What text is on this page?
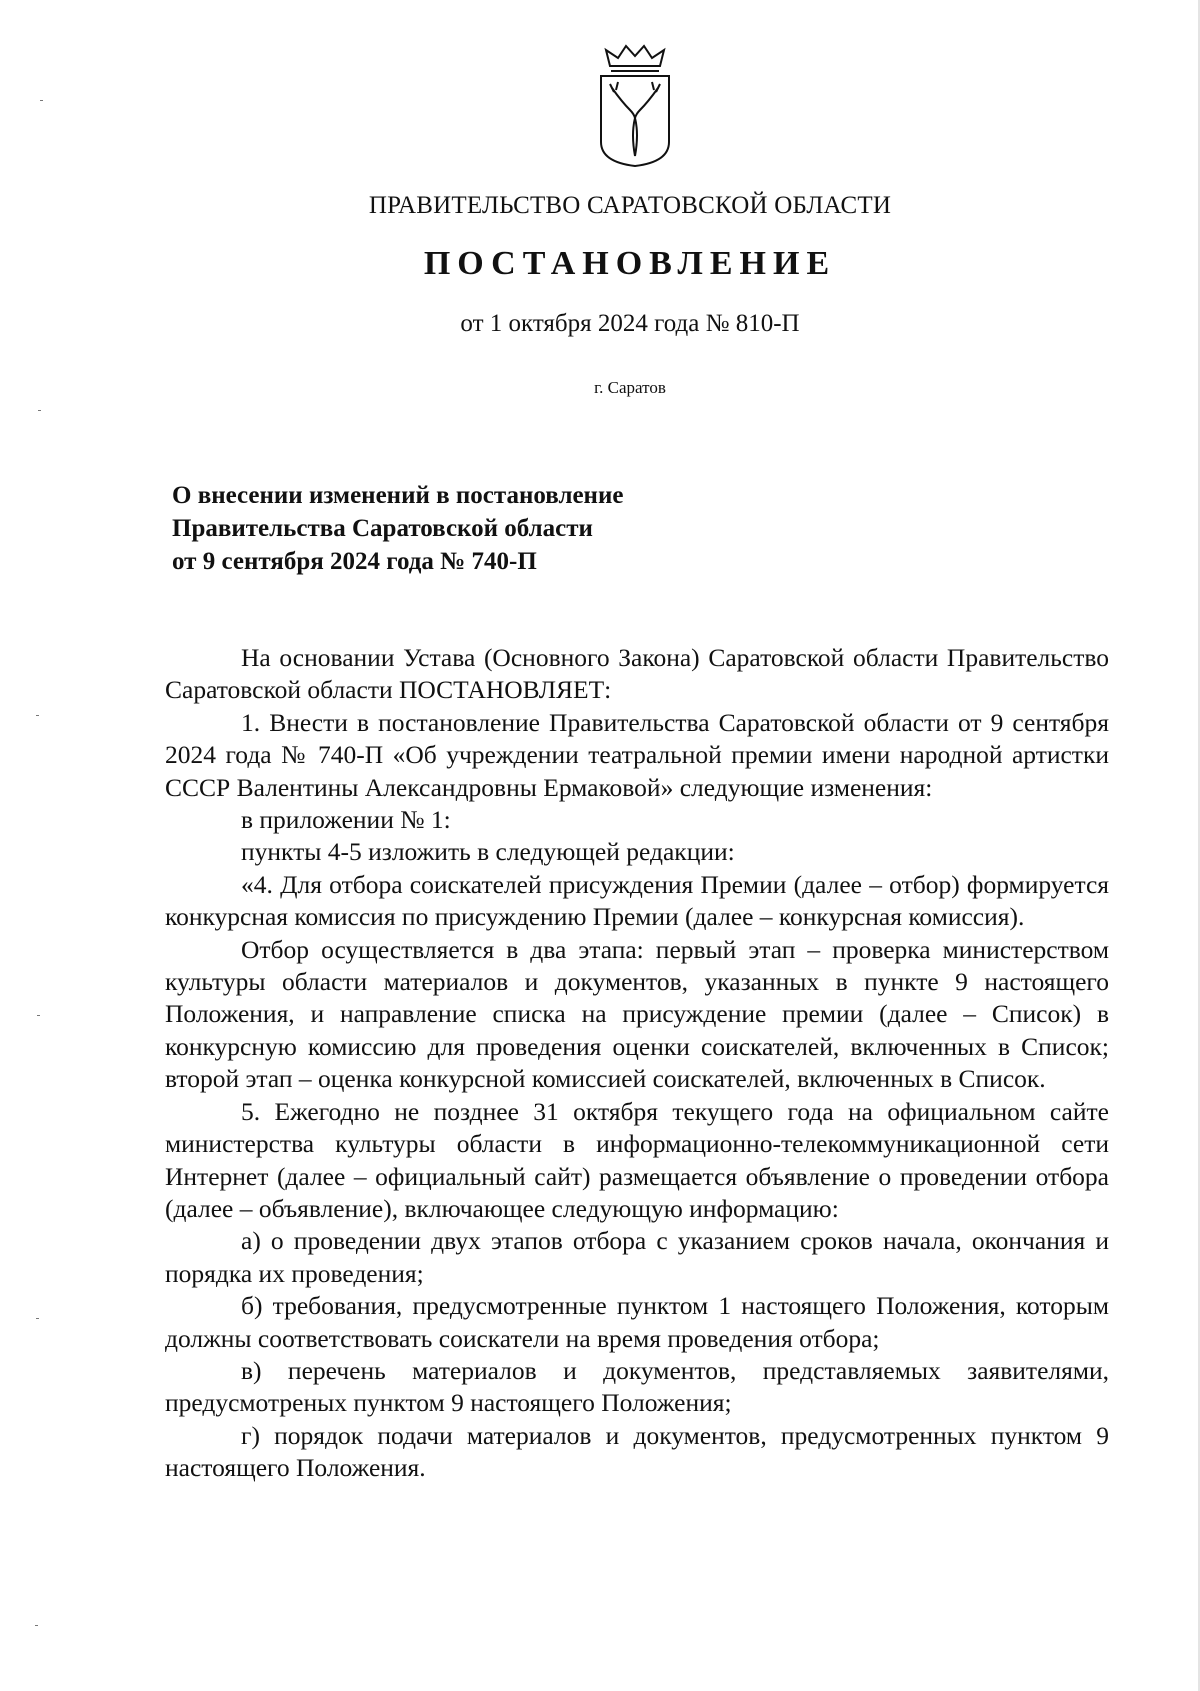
ПРАВИТЕЛЬСТВО САРАТОВСКОЙ ОБЛАСТИ
ПОСТАНОВЛЕНИЕ
от 1 октября 2024 года № 810-П
г. Саратов
О внесении изменений в постановление
Правительства Саратовской области
от 9 сентября 2024 года № 740-П

На основании Устава (Основного Закона) Саратовской области Правительство Саратовской области ПОСТАНОВЛЯЕТ:

1. Внести в постановление Правительства Саратовской области от 9 сентября 2024 года № 740-П «Об учреждении театральной премии имени народной артистки СССР Валентины Александровны Ермаковой» следующие изменения:

в приложении № 1:

пункты 4-5 изложить в следующей редакции:

«4. Для отбора соискателей присуждения Премии (далее – отбор) формируется конкурсная комиссия по присуждению Премии (далее – конкурсная комиссия).

Отбор осуществляется в два этапа: первый этап – проверка министерством культуры области материалов и документов, указанных в пункте 9 настоящего Положения, и направление списка на присуждение премии (далее – Список) в конкурсную комиссию для проведения оценки соискателей, включенных в Список; второй этап – оценка конкурсной комиссией соискателей, включенных в Список.

5. Ежегодно не позднее 31 октября текущего года на официальном сайте министерства культуры области в информационно-телекоммуникационной сети Интернет (далее – официальный сайт) размещается объявление о проведении отбора (далее – объявление), включающее следующую информацию:

а) о проведении двух этапов отбора с указанием сроков начала, окончания и порядка их проведения;

б) требования, предусмотренные пунктом 1 настоящего Положения, которым должны соответствовать соискатели на время проведения отбора;

в) перечень материалов и документов, представляемых заявителями, предусмотреных пунктом 9 настоящего Положения;

г) порядок подачи материалов и документов, предусмотренных пунктом 9 настоящего Положения.
